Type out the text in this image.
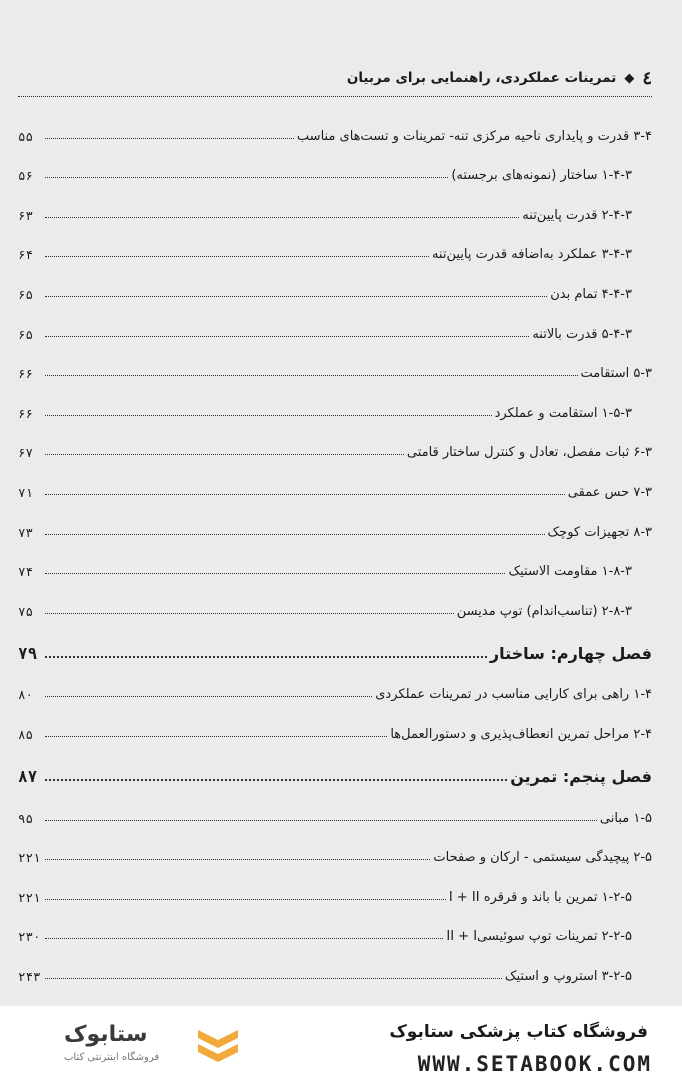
٤
◆
تمرینات عملکردی، راهنمایی برای مربیان
۳-۴ قدرت و پایداری ناحیه مرکزی تنه- تمرینات و تست‌های مناسب
۵۵
۱-۴-۳ ساختار (نمونه‌های برجسته)
۵۶
۲-۴-۳ قدرت پایین‌تنه
۶۳
۳-۴-۳ عملکرد به‌اضافه قدرت پایین‌تنه
۶۴
۴-۴-۳ تمام بدن
۶۵
۵-۴-۳ قدرت بالاتنه
۶۵
۵-۳ استقامت
۶۶
۱-۵-۳ استقامت و عملکرد
۶۶
۶-۳ ثبات مفصل، تعادل و کنترل ساختار قامتی
۶۷
۷-۳ حس عمقی
۷۱
۸-۳ تجهیزات کوچک
۷۳
۱-۸-۳ مقاومت الاستیک
۷۴
۲-۸-۳ (تناسب‌اندام) توپ مدیسن
۷۵
فصل چهارم: ساختار
۷۹
۱-۴ راهی برای کارایی مناسب در تمرینات عملکردی
۸۰
۲-۴ مراحل تمرین انعطاف‌پذیری و دستورالعمل‌ها
۸۵
فصل پنجم: تمرین
۸۷
۱-۵ مبانی
۹۵
۲-۵ پیچیدگی سیستمی - ارکان و صفحات
۲۲۱
۱-۲-۵ تمرین با باند و قرقره I + II
۲۲۱
۲-۲-۵ تمرینات توپ سوئیسیII + I
۲۳۰
۳-۲-۵ استروپ و استیک
۲۴۳
فروشگاه کتاب پزشکی ستابوک
WWW.SETABOOK.COM
ستابوک
فروشگاه اینترنتی کتاب
